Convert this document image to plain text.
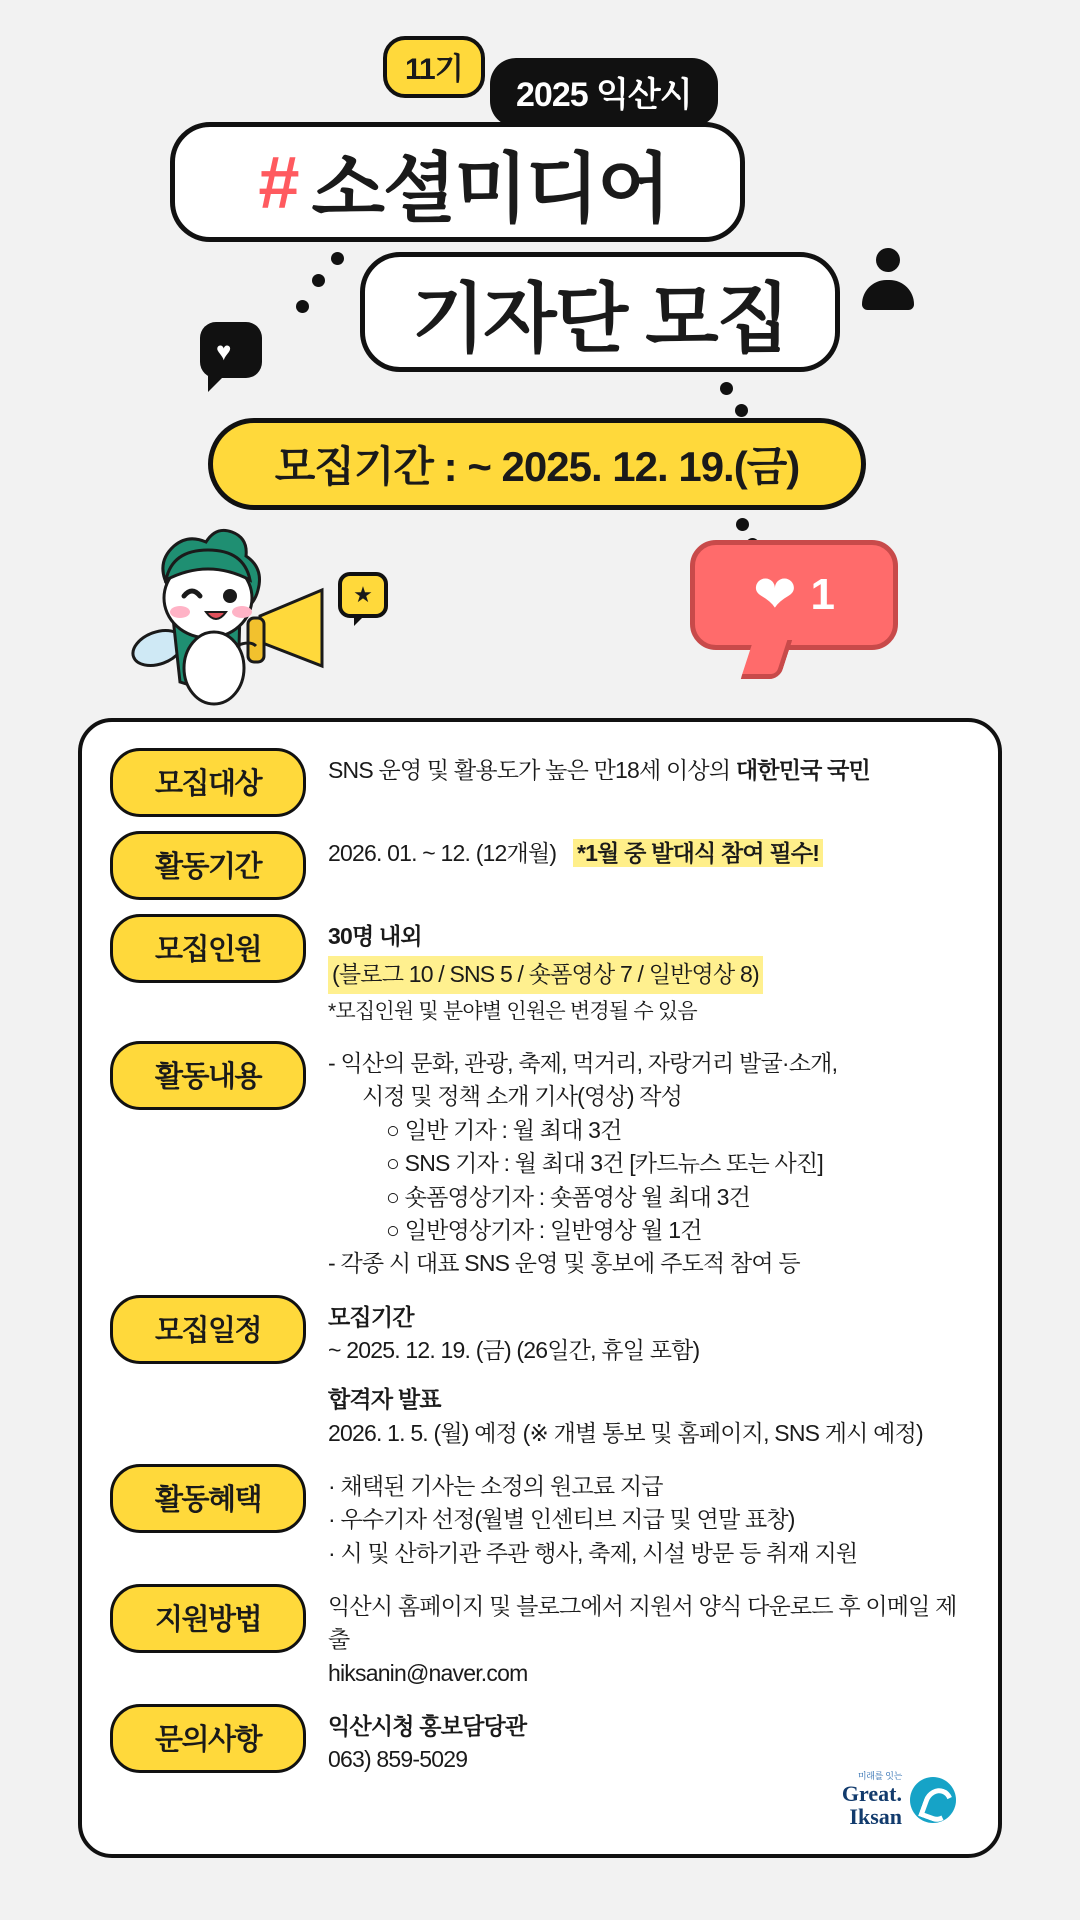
11기
2025 익산시
# 소셜미디어
기자단 모집
♥
모집기간 : ~ 2025. 12. 19.(금)
❤ 1
★
모집대상	SNS 운영 및 활용도가 높은 만18세 이상의 대한민국 국민
활동기간	2026. 01. ~ 12. (12개월) *1월 중 발대식 참여 필수!
모집인원	30명 내외
(블로그 10 / SNS 5 / 숏폼영상 7 / 일반영상 8)
*모집인원 및 분야별 인원은 변경될 수 있음
활동내용	- 익산의 문화, 관광, 축제, 먹거리, 자랑거리 발굴·소개,
시정 및 정책 소개 기사(영상) 작성
○ 일반 기자 : 월 최대 3건
○ SNS 기자 : 월 최대 3건 [카드뉴스 또는 사진]
○ 숏폼영상기자 : 숏폼영상 월 최대 3건
○ 일반영상기자 : 일반영상 월 1건
- 각종 시 대표 SNS 운영 및 홍보에 주도적 참여 등
모집일정	모집기간
~ 2025. 12. 19. (금) (26일간, 휴일 포함)
합격자 발표
2026. 1. 5. (월) 예정 (※ 개별 통보 및 홈페이지, SNS 게시 예정)
활동혜택	· 채택된 기사는 소정의 원고료 지급
· 우수기자 선정(월별 인센티브 지급 및 연말 표창)
· 시 및 산하기관 주관 행사, 축제, 시설 방문 등 취재 지원
지원방법	익산시 홈페이지 및 블로그에서 지원서 양식 다운로드 후 이메일 제출
hiksanin@naver.com
문의사항	익산시청 홍보담당관
063) 859-5029
미래를 잇는
Great.
Iksan
